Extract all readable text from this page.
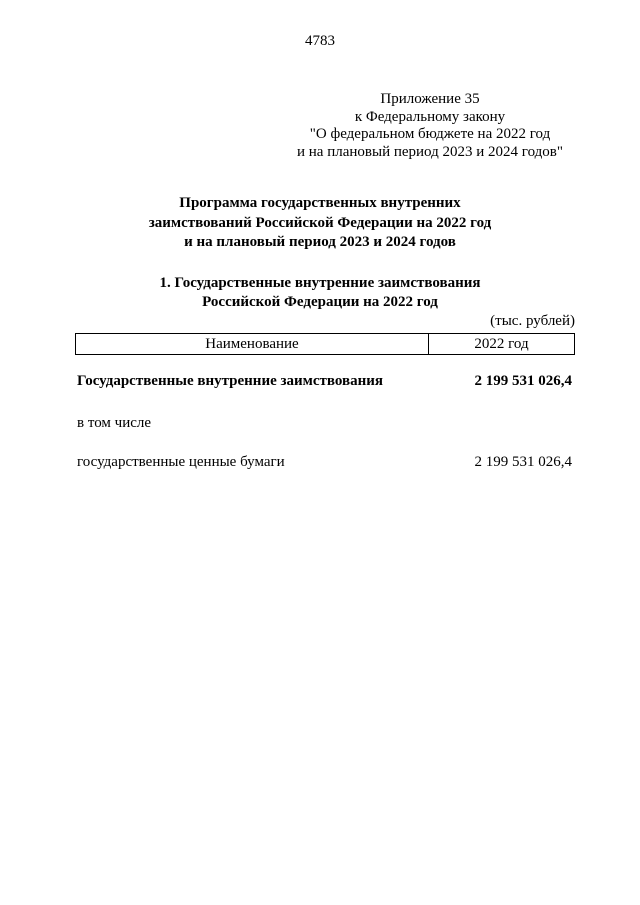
4783
Приложение 35
к Федеральному закону
"О федеральном бюджете на 2022 год
и на плановый период 2023 и 2024 годов"
Программа государственных внутренних
заимствований Российской Федерации на 2022 год
и на плановый период 2023 и 2024 годов
1. Государственные внутренние заимствования
Российской Федерации на 2022 год
(тыс. рублей)
Наименование	2022 год
Государственные внутренние заимствования	2 199 531 026,4
в том числе
государственные ценные бумаги	2 199 531 026,4
